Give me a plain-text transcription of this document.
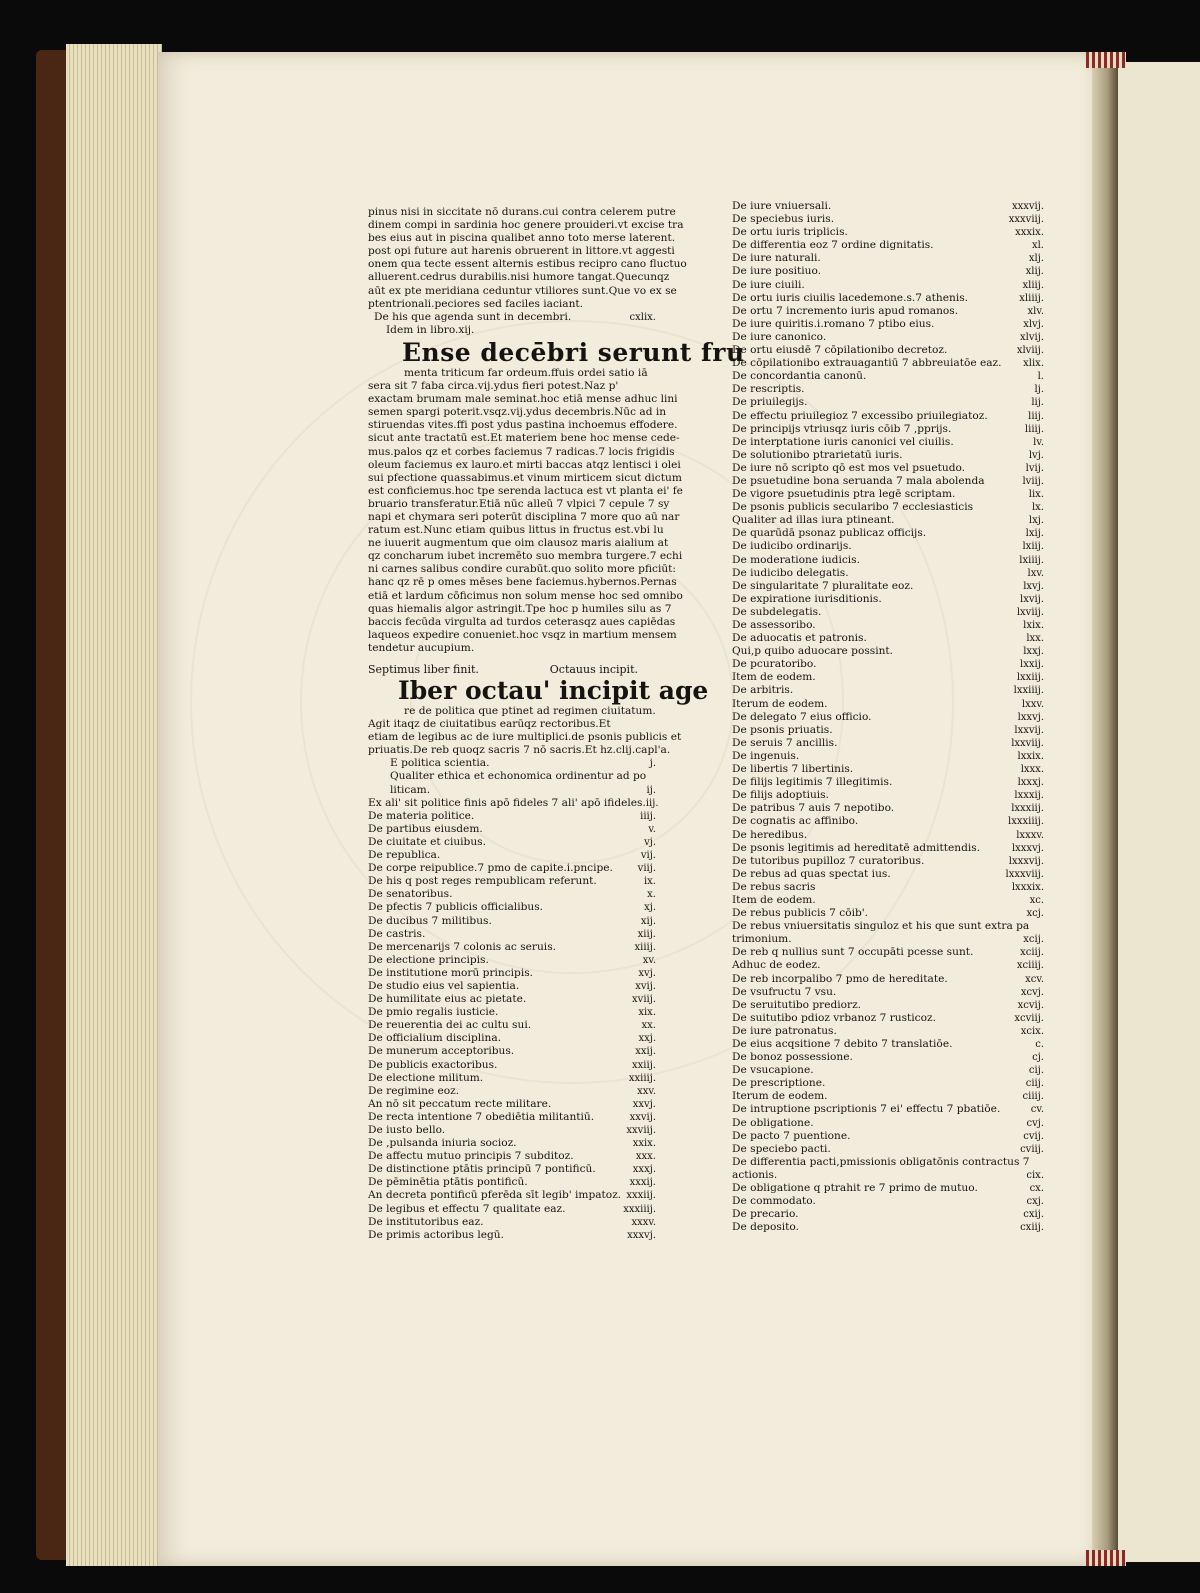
pinus nisi in siccitate nō durans.cui contra celerem putre
dinem compi in sardinia hoc genere prouideri.vt excise tra
bes eius aut in piscina qualibet anno toto merse laterent.
post opi future aut harenis obruerent in littore.vt aggesti
onem qua tecte essent alternis estibus recipro cano fluctuo
alluerent.cedrus durabilis.nisi humore tangat.Quecunqz
aūt ex pte meridiana ceduntur vtiliores sunt.Que vo ex se
ptentrionali.peciores sed faciles iaciant.
De his que agenda sunt in decembri.	cxlix.
Idem in libro.xij.
Ense decēbri serunt fru

menta triticum far ordeum.ffuis ordei satio iā

sera sit 7 faba circa.vij.ydus fieri potest.Naz p'
exactam brumam male seminat.hoc etiā mense adhuc lini
semen spargi poterit.vsqz.vij.ydus decembris.Nūc ad in
stiruendas vites.ffi post ydus pastina inchoemus effodere.
sicut ante tractatū est.Et materiem bene hoc mense cede-
mus.palos qz et corbes faciemus 7 radicas.7 locis frigidis
oleum faciemus ex lauro.et mirti baccas atqz lentisci i olei
sui pfectione quassabimus.et vinum mirticem sicut dictum
est conficiemus.hoc tpe serenda lactuca est vt planta ei' fe
bruario transferatur.Etiā nūc alleū 7 vlpici 7 cepule 7 sy
napi et chymara seri poterūt disciplina 7 more quo aū nar
ratum est.Nunc etiam quibus littus in fructus est.vbi lu
ne iuuerit augmentum que oim clausoz maris aialium at
qz concharum iubet incremēto suo membra turgere.7 echi
ni carnes salibus condire curabūt.quo solito more pficiūt:
hanc qz rē p omes mēses bene faciemus.hybernos.Pernas
etiā et lardum cōficimus non solum mense hoc sed omnibo
quas hiemalis algor astringit.Tpe hoc p humiles silu as 7
baccis fecūda virgulta ad turdos ceterasqz aues capiēdas
laqueos expedire conueniet.hoc vsqz in martium mensem
tendetur aucupium.
Septimus liber finit.	Octauus incipit.
Iber octau' incipit age

re de politica que ptinet ad regimen ciuitatum.

Agit itaqz de ciuitatibus earūqz rectoribus.Et
etiam de legibus ac de iure multiplici.de psonis publicis et
priuatis.De reb quoqz sacris 7 nō sacris.Et hz.clij.capl'a.
E politica scientia.	j.
Qualiter ethica et echonomica ordinentur ad po
liticam.	ij.
Ex ali' sit politice finis apō fideles 7 ali' apō ifideles. iij.
De materia politice.	iiij.
De partibus eiusdem.	v.
De ciuitate et ciuibus.	vj.
De republica.	vij.
De corpe reipublice.7 pmo de capite.i.pncipe.	viij.
De his q post reges rempublicam referunt.	ix.
De senatoribus.	x.
De pfectis 7 publicis officialibus.	xj.
De ducibus 7 militibus.	xij.
De castris.	xiij.
De mercenarijs 7 colonis ac seruis.	xiiij.
De electione principis.	xv.
De institutione morū principis.	xvj.
De studio eius vel sapientia.	xvij.
De humilitate eius ac pietate.	xviij.
De pmio regalis iusticie.	xix.
De reuerentia dei ac cultu sui.	xx.
De officialium disciplina.	xxj.
De munerum acceptoribus.	xxij.
De publicis exactoribus.	xxiij.
De electione militum.	xxiiij.
De regimine eoz.	xxv.
An nō sit peccatum recte militare.	xxvj.
De recta intentione 7 obediētia militantiū.	xxvij.
De iusto bello.	xxviij.
De ,pulsanda iniuria socioz.	xxix.
De affectu mutuo principis 7 subditoz.	xxx.
De distinctione ptātis principū 7 pontificū.	xxxj.
De pēminētia ptātis pontificū.	xxxij.
An decreta pontificū pferēda sīt legib' impatoz. xxxiij.
De legibus et effectu 7 qualitate eaz.	xxxiiij.
De institutoribus eaz.	xxxv.
De primis actoribus legū.	xxxvj.
De iure vniuersali.	xxxvij.
De speciebus iuris.	xxxviij.
De ortu iuris triplicis.	xxxix.
De differentia eoz 7 ordine dignitatis.	xl.
De iure naturali.	xlj.
De iure positiuo.	xlij.
De iure ciuili.	xliij.
De ortu iuris ciuilis lacedemone.s.7 athenis.	xliiij.
De ortu 7 incremento iuris apud romanos.	xlv.
De iure quiritis.i.romano 7 ptibo eius.	xlvj.
De iure canonico.	xlvij.
De ortu eiusdē 7 cōpilationibo decretoz.	xlviij.
De cōpilationibo extrauagantiū 7 abbreuiatōe eaz.	xlix.
De concordantia canonū.	l.
De rescriptis.	lj.
De priuilegijs.	lij.
De effectu priuilegioz 7 excessibo priuilegiatoz.	liij.
De principijs vtriusqz iuris cōib 7 ,pprijs.	liiij.
De interptatione iuris canonici vel ciuilis.	lv.
De solutionibo ptrarietatū iuris.	lvj.
De iure nō scripto qō est mos vel psuetudo.	lvij.
De psuetudine bona seruanda 7 mala abolenda	lviij.
De vigore psuetudinis ptra legē scriptam.	lix.
De psonis publicis secularibo 7 ecclesiasticis	lx.
Qualiter ad illas iura ptineant.	lxj.
De quarūdā psonaz publicaz officijs.	lxij.
De iudicibo ordinarijs.	lxiij.
De moderatione iudicis.	lxiiij.
De iudicibo delegatis.	lxv.
De singularitate 7 pluralitate eoz.	lxvj.
De expiratione iurisditionis.	lxvij.
De subdelegatis.	lxviij.
De assessoribo.	lxix.
De aduocatis et patronis.	lxx.
Qui,p quibo aduocare possint.	lxxj.
De pcuratoribo.	lxxij.
Item de eodem.	lxxiij.
De arbitris.	lxxiiij.
Iterum de eodem.	lxxv.
De delegato 7 eius officio.	lxxvj.
De psonis priuatis.	lxxvij.
De seruis 7 ancillis.	lxxviij.
De ingenuis.	lxxix.
De libertis 7 libertinis.	lxxx.
De filijs legitimis 7 illegitimis.	lxxxj.
De filijs adoptiuis.	lxxxij.
De patribus 7 auis 7 nepotibo.	lxxxiij.
De cognatis ac affinibo.	lxxxiiij.
De heredibus.	lxxxv.
De psonis legitimis ad hereditatē admittendis.	lxxxvj.
De tutoribus pupilloz 7 curatoribus.	lxxxvij.
De rebus ad quas spectat ius.	lxxxviij.
De rebus sacris	lxxxix.
Item de eodem.	xc.
De rebus publicis 7 cōib'.	xcj.
De rebus vniuersitatis singuloz et his que sunt extra pa
trimonium.	xcij.
De reb q nullius sunt 7 occupāti pcesse sunt.	xciij.
Adhuc de eodez.	xciiij.
De reb incorpalibo 7 pmo de hereditate.	xcv.
De vsufructu 7 vsu.	xcvj.
De seruitutibo prediorz.	xcvij.
De suitutibo pdioz vrbanoz 7 rusticoz.	xcviij.
De iure patronatus.	xcix.
De eius acqsitione 7 debito 7 translatiōe.	c.
De bonoz possessione.	cj.
De vsucapione.	cij.
De prescriptione.	ciij.
Iterum de eodem.	ciiij.
De intruptione pscriptionis 7 ei' effectu 7 pbatiōe.	cv.
De obligatione.	cvj.
De pacto 7 puentione.	cvij.
De speciebo pacti.	cviij.
De differentia pacti,pmissionis obligatōnis contractus 7
actionis.	cix.
De obligatione q ptrahit re 7 primo de mutuo.	cx.
De commodato.	cxj.
De precario.	cxij.
De deposito.	cxiij.
